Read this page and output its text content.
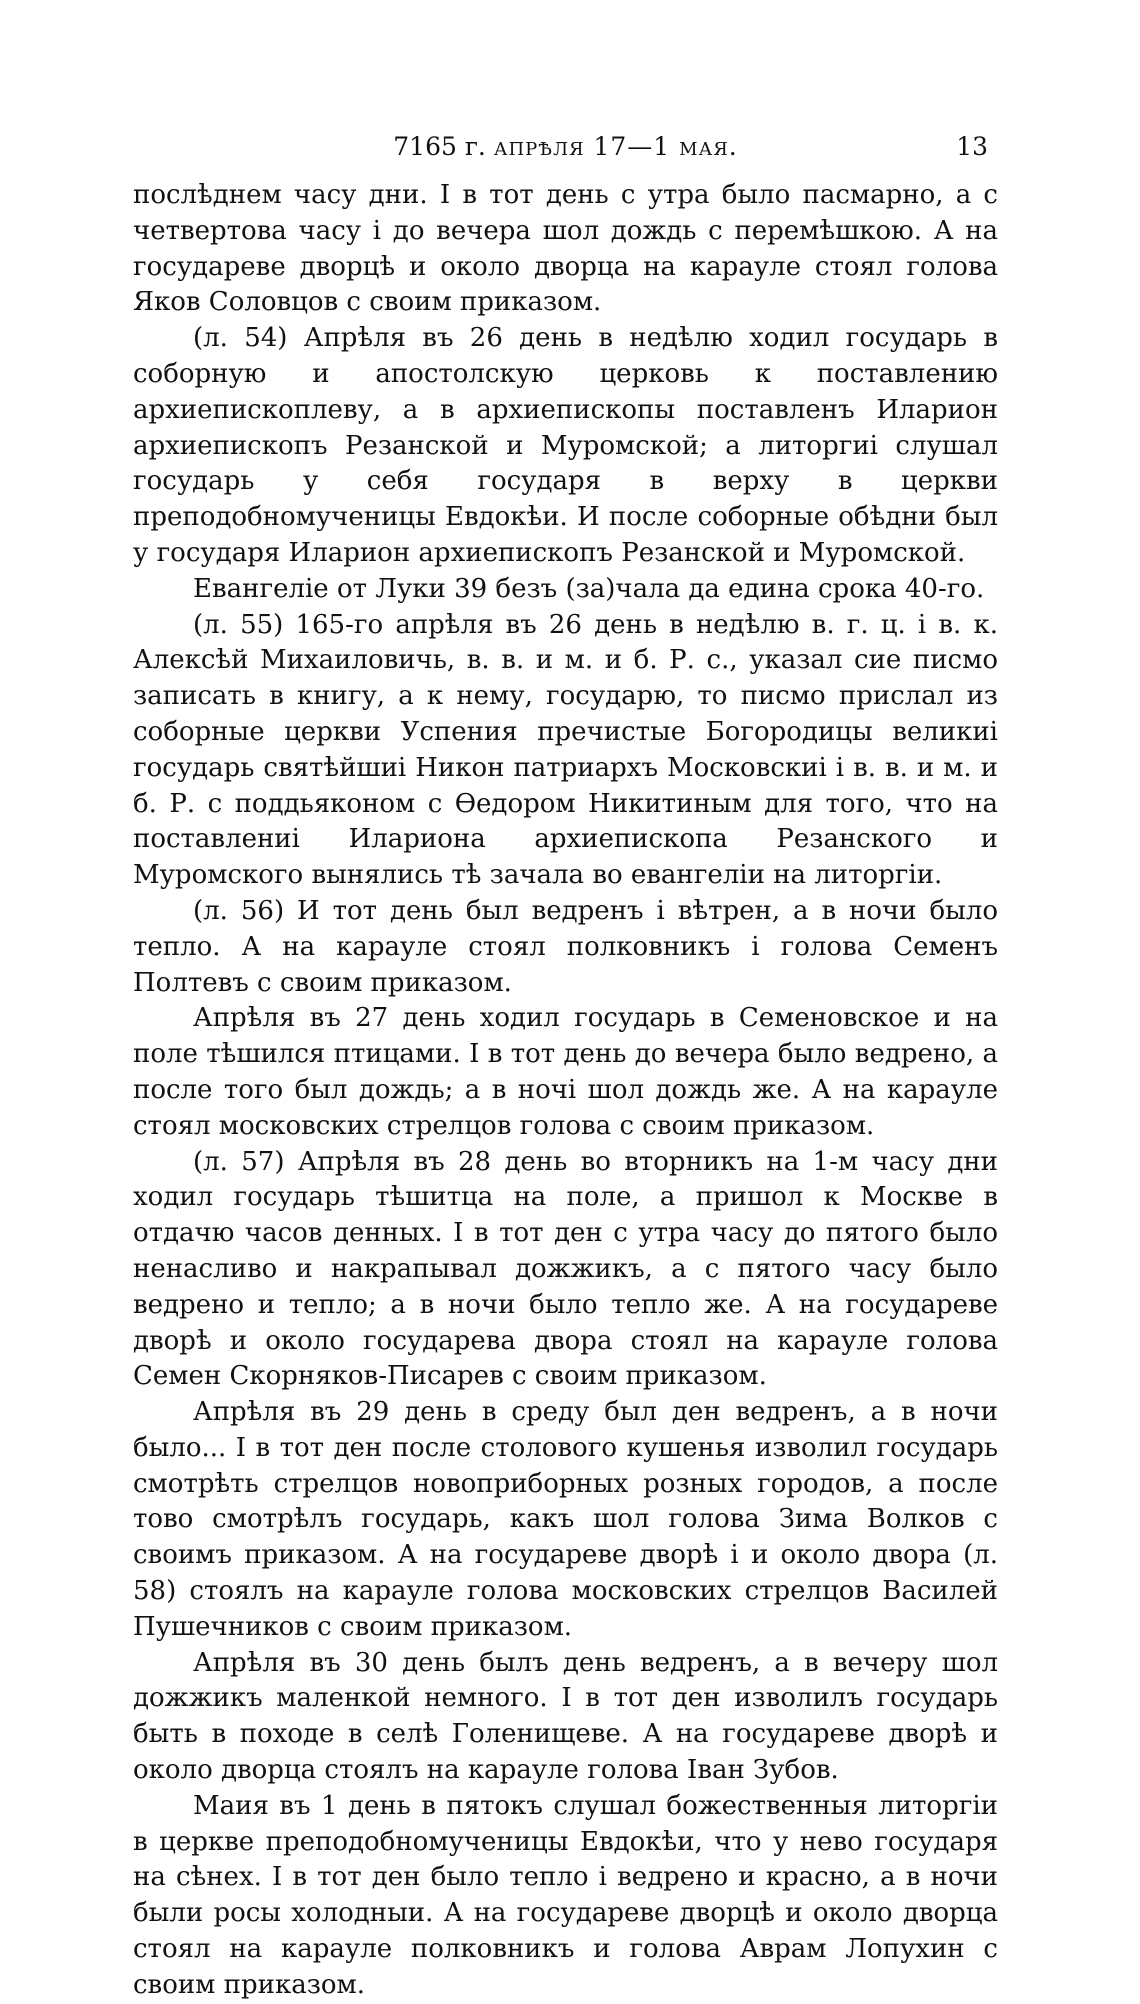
7165 г. апрѣля 17—1 мая.	13

послѣднем часу дни. І в тот день с утра было пасмарно, а с четвертова часу і до вечера шол дождь с перемѣшкою. А на государеве дворцѣ и около дворца на карауле стоял голова Яков Соловцов с своим приказом.

(л. 54) Апрѣля въ 26 день в недѣлю ходил государь в соборную и апостолскую церковь к поставлению архиепископлеву, а в архиепископы поставленъ Иларион архиепископъ Резанской и Муромской; а литоргиі слушал государь у себя государя в верху в церкви преподобномученицы Евдокѣи. И после соборные обѣдни был у государя Иларион архиепископъ Резанской и Муромской.

Евангеліе от Луки 39 безъ (за)чала да едина срока 40-го.

(л. 55) 165-го апрѣля въ 26 день в недѣлю в. г. ц. і в. к. Алексѣй Михаиловичь, в. в. и м. и б. Р. с., указал сие писмо записать в книгу, а к нему, государю, то писмо прислал из соборные церкви Успения пречистые Богородицы великиі государь святѣйшиі Никон патриархъ Московскиі і в. в. и м. и б. Р. с поддьяконом с Ѳедором Никитиным для того, что на поставлениі Илариона архиепископа Резанского и Муромского вынялись тѣ зачала во евангеліи на литоргіи.

(л. 56) И тот день был ведренъ і вѣтрен, а в ночи было тепло. А на карауле стоял полковникъ і голова Семенъ Полтевъ с своим приказом.

Апрѣля въ 27 день ходил государь в Семеновское и на поле тѣшился птицами. І в тот день до вечера было ведрено, а после того был дождь; а в ночі шол дождь же. А на карауле стоял московских стрелцов голова с своим приказом.

(л. 57) Апрѣля въ 28 день во вторникъ на 1-м часу дни ходил государь тѣшитца на поле, а пришол к Москве в отдачю часов денных. І в тот ден с утра часу до пятого было ненасливо и накрапывал дожжикъ, а с пятого часу было ведрено и тепло; а в ночи было тепло же. А на государеве дворѣ и около государева двора стоял на карауле голова Семен Скорняков-Писарев с своим приказом.

Апрѣля въ 29 день в среду был ден ведренъ, а в ночи было... І в тот ден после столового кушенья изволил государь смотрѣть стрелцов новоприборных розных городов, а после тово смотрѣлъ государь, какъ шол голова Зима Волков с своимъ приказом. А на государеве дворѣ і и около двора (л. 58) стоялъ на карауле голова московских стрелцов Василей Пушечников с своим приказом.

Апрѣля въ 30 день былъ день ведренъ, а в вечеру шол дожжикъ маленкой немного. І в тот ден изволилъ государь быть в походе в селѣ Голенищеве. А на государеве дворѣ и около дворца стоялъ на карауле голова Іван Зубов.

Маия въ 1 день в пятокъ слушал божественныя литоргіи в церкве преподобномученицы Евдокѣи, что у нево государя на сѣнех. І в тот ден было тепло і ведрено и красно, а в ночи были росы холодныи. А на государеве дворцѣ и около дворца стоял на карауле полковникъ и голова Аврам Лопухин с своим приказом.
